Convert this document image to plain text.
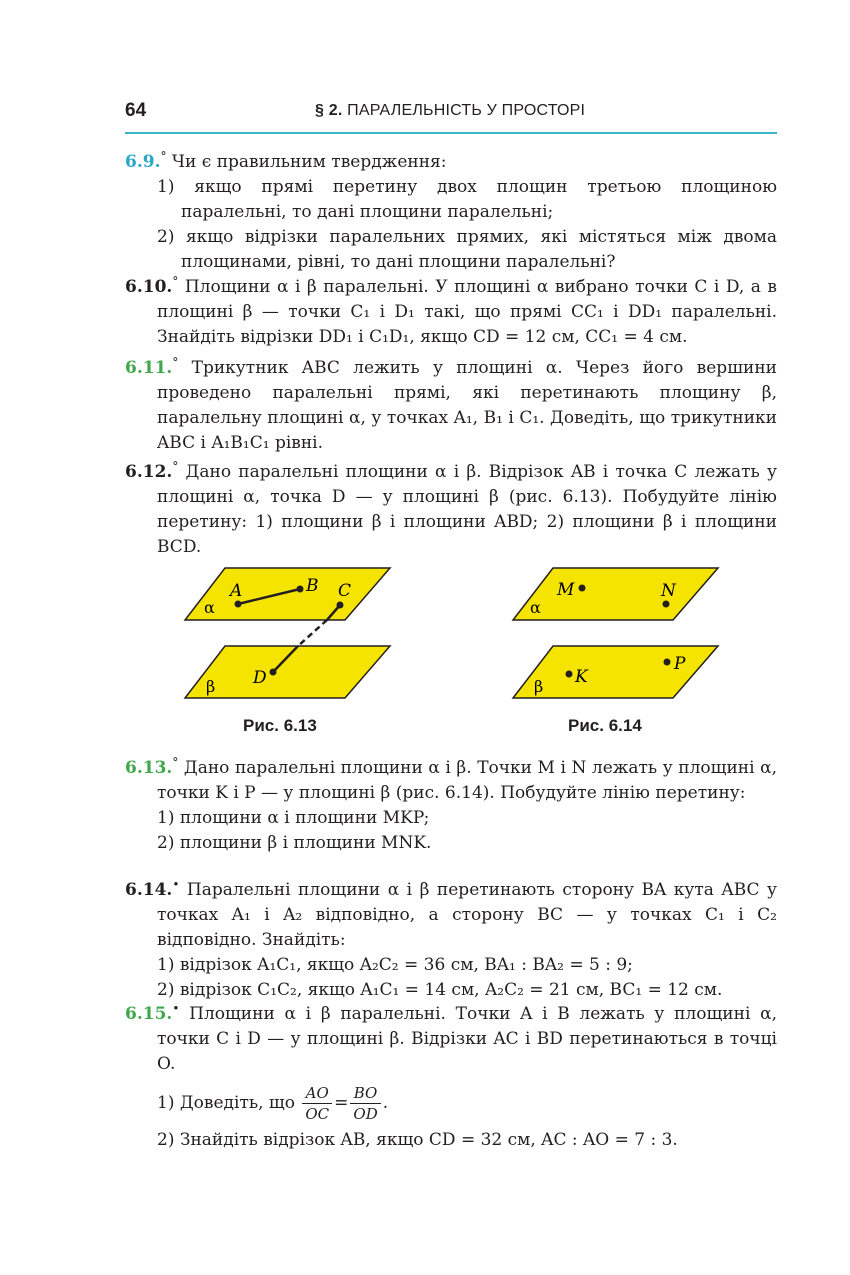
64	§ 2. ПАРАЛЕЛЬНІСТЬ У ПРОСТОРІ
6.9.° Чи є правильним твердження:
1) якщо прямі перетину двох площин третьою площиною паралельні, то дані площини паралельні;
2) якщо відрізки паралельних прямих, які містяться між двома площинами, рівні, то дані площини паралельні?
6.10.° Площини α і β паралельні. У площині α вибрано точки C і D, а в площині β — точки C₁ і D₁ такі, що прямі CC₁ і DD₁ паралельні. Знайдіть відрізки DD₁ і C₁D₁, якщо CD = 12 см, CC₁ = 4 см.
6.11.° Трикутник ABC лежить у площині α. Через його вершини проведено паралельні прямі, які перетинають площину β, паралельну площині α, у точках A₁, B₁ і C₁. Доведіть, що трикутники ABC і A₁B₁C₁ рівні.
6.12.° Дано паралельні площини α і β. Відрізок AB і точка C лежать у площині α, точка D — у площині β (рис. 6.13). Побудуйте лінію перетину: 1) площини β і площини ABD; 2) площини β і площини BCD.
A	B C
D
α
β
Рис. 6.13
M	N
K
P
α
β
Рис. 6.14
6.13.° Дано паралельні площини α і β. Точки M і N лежать у площині α, точки K і P — у площині β (рис. 6.14). Побудуйте лінію перетину:
1) площини α і площини MKP;
2) площини β і площини MNK.
6.14.• Паралельні площини α і β перетинають сторону BA кута ABC у точках A₁ і A₂ відповідно, а сторону BC — у точках C₁ і C₂ відповідно. Знайдіть:
1) відрізок A₁C₁, якщо A₂C₂ = 36 см, BA₁ : BA₂ = 5 : 9;
2) відрізок C₁C₂, якщо A₁C₁ = 14 см, A₂C₂ = 21 см, BC₁ = 12 см.
6.15.• Площини α і β паралельні. Точки A і B лежать у площині α, точки C і D — у площині β. Відрізки AC і BD перетинаються в точці O.
1) Доведіть, що $\frac{AO}{OC} = \frac{BO}{OD}$ .
2) Знайдіть відрізок AB, якщо CD = 32 см, AC : AO = 7 : 3.
